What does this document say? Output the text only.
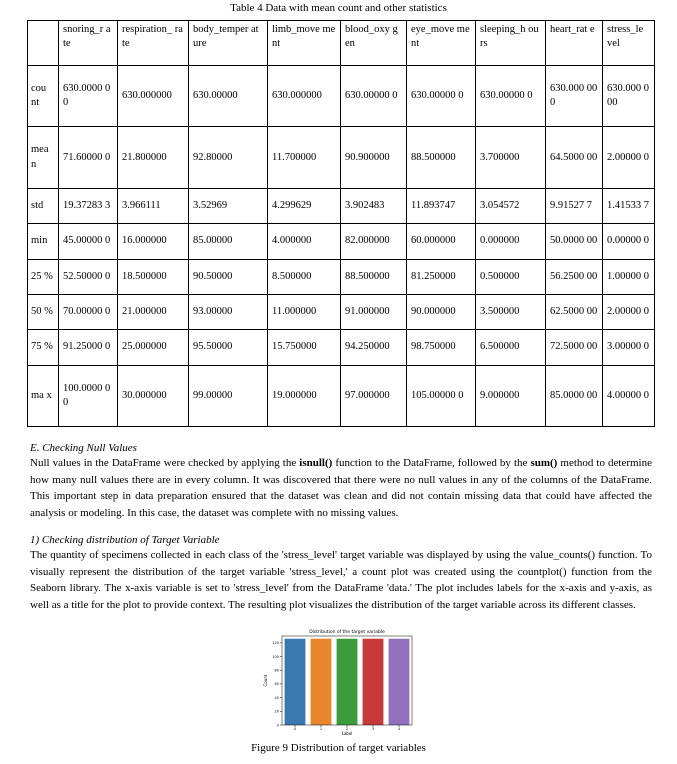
Table 4 Data with mean count and other statistics
	snoring_r ate	respiration_ rate	body_temper ature	limb_move ment	blood_oxy gen	eye_move ment	sleeping_h ours	heart_rat e	stress_le vel
cou nt	630.0000 00	630.000000	630.00000	630.000000	630.00000 0	630.00000 0	630.00000 0	630.000 000	630.000 000
mea n	71.60000 0	21.800000	92.80000	11.700000	90.900000	88.500000	3.700000	64.5000 00	2.00000 0
std	19.37283 3	3.966111	3.52969	4.299629	3.902483	11.893747	3.054572	9.91527 7	1.41533 7
min	45.00000 0	16.000000	85.00000	4.000000	82.000000	60.000000	0.000000	50.0000 00	0.00000 0
25 %	52.50000 0	18.500000	90.50000	8.500000	88.500000	81.250000	0.500000	56.2500 00	1.00000 0
50 %	70.00000 0	21.000000	93.00000	11.000000	91.000000	90.000000	3.500000	62.5000 00	2.00000 0
75 %	91.25000 0	25.000000	95.50000	15.750000	94.250000	98.750000	6.500000	72.5000 00	3.00000 0
ma x	100.0000 00	30.000000	99.00000	19.000000	97.000000	105.00000 0	9.000000	85.0000 00	4.00000 0

E. Checking Null Values

Null values in the DataFrame were checked by applying the isnull() function to the DataFrame, followed by the sum() method to determine how many null values there are in every column. It was discovered that there were no null values in any of the columns of the DataFrame. This important step in data preparation ensured that the dataset was clean and did not contain missing data that could have affected the analysis or modeling. In this case, the dataset was complete with no missing values.

1) Checking distribution of Target Variable

The quantity of specimens collected in each class of the 'stress_level' target variable was displayed by using the value_counts() function. To visually represent the distribution of the target variable 'stress_level,' a count plot was created using the countplot() function from the Seaborn library. The x-axis variable is set to 'stress_level' from the DataFrame 'data.' The plot includes labels for the x-axis and y-axis, as well as a title for the plot to provide context. The resulting plot visualizes the distribution of the target variable across its different classes.

Distribution of the target variable
Count
Label
0
20
40
60
80
100
120
0	1	2	3	4
Figure 9 Distribution of target variables
